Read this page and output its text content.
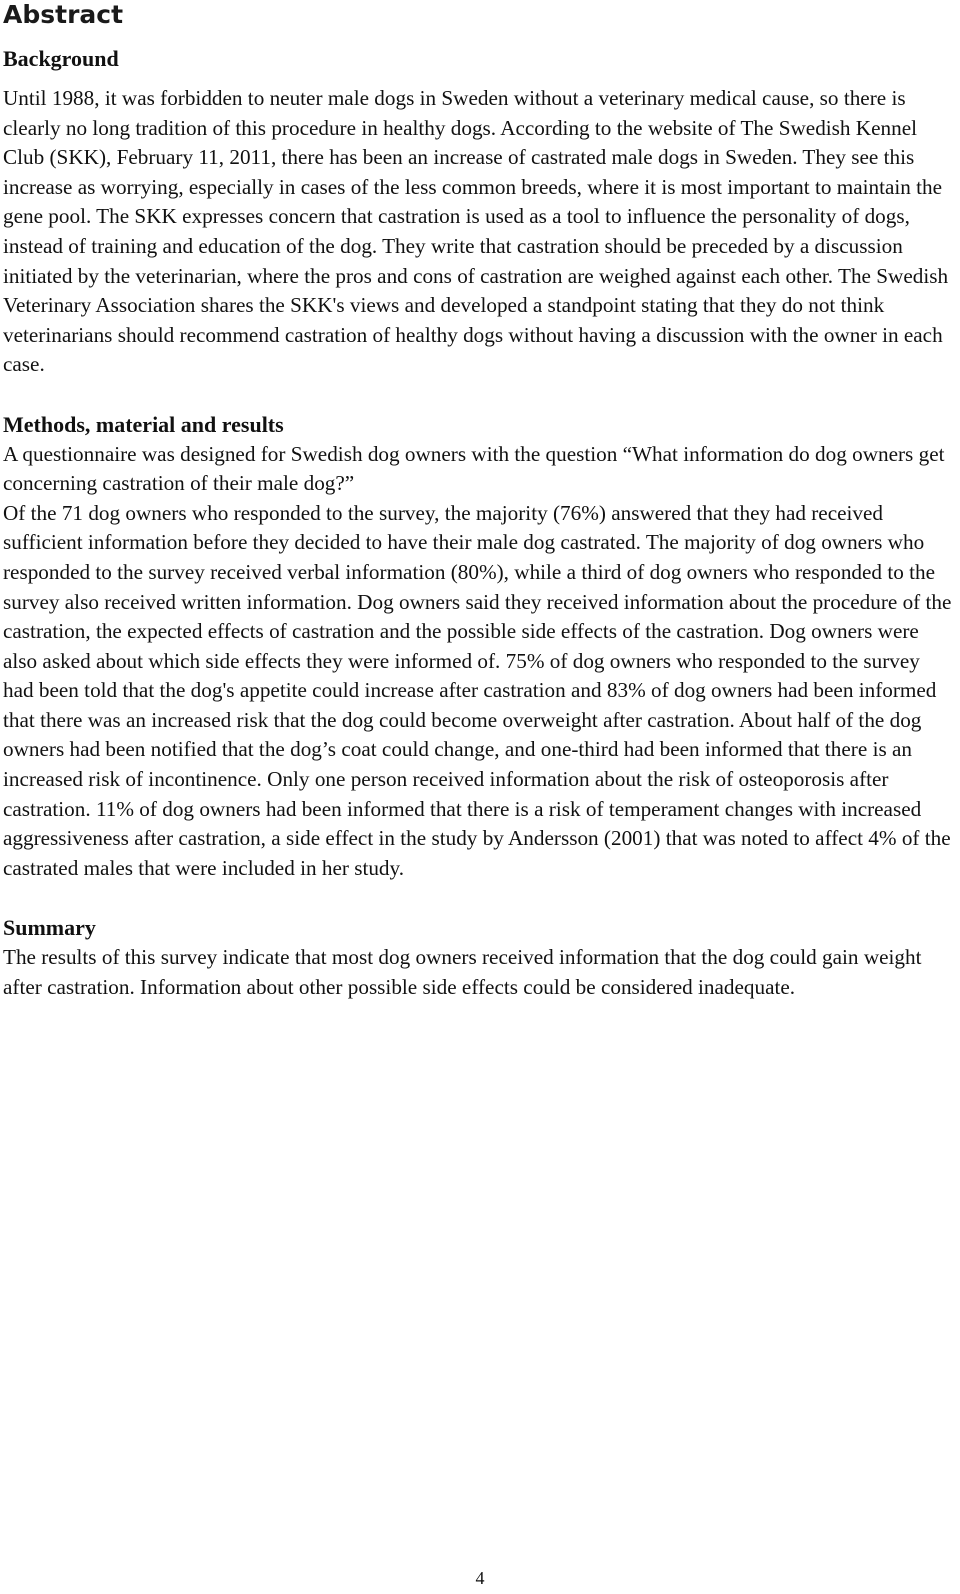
Abstract
Background

Until 1988, it was forbidden to neuter male dogs in Sweden without a veterinary medical cause, so there is clearly no long tradition of this procedure in healthy dogs. According to the website of The Swedish Kennel Club (SKK), February 11, 2011, there has been an increase of castrated male dogs in Sweden. They see this increase as worrying, especially in cases of the less common breeds, where it is most important to maintain the gene pool. The SKK expresses concern that castration is used as a tool to influence the personality of dogs, instead of training and education of the dog. They write that castration should be preceded by a discussion initiated by the veterinarian, where the pros and cons of castration are weighed against each other. The Swedish Veterinary Association shares the SKK's views and developed a standpoint stating that they do not think veterinarians should recommend castration of healthy dogs without having a discussion with the owner in each case.

Methods, material and results

A questionnaire was designed for Swedish dog owners with the question “What information do dog owners get concerning castration of their male dog?”

Of the 71 dog owners who responded to the survey, the majority (76%) answered that they had received sufficient information before they decided to have their male dog castrated. The majority of dog owners who responded to the survey received verbal information (80%), while a third of dog owners who responded to the survey also received written information. Dog owners said they received information about the procedure of the castration, the expected effects of castration and the possible side effects of the castration. Dog owners were also asked about which side effects they were informed of. 75% of dog owners who responded to the survey had been told that the dog's appetite could increase after castration and 83% of dog owners had been informed that there was an increased risk that the dog could become overweight after castration. About half of the dog owners had been notified that the dog’s coat could change, and one-third had been informed that there is an increased risk of incontinence. Only one person received information about the risk of osteoporosis after castration. 11% of dog owners had been informed that there is a risk of temperament changes with increased aggressiveness after castration, a side effect in the study by Andersson (2001) that was noted to affect 4% of the castrated males that were included in her study.

Summary

The results of this survey indicate that most dog owners received information that the dog could gain weight after castration. Information about other possible side effects could be considered inadequate.

4
